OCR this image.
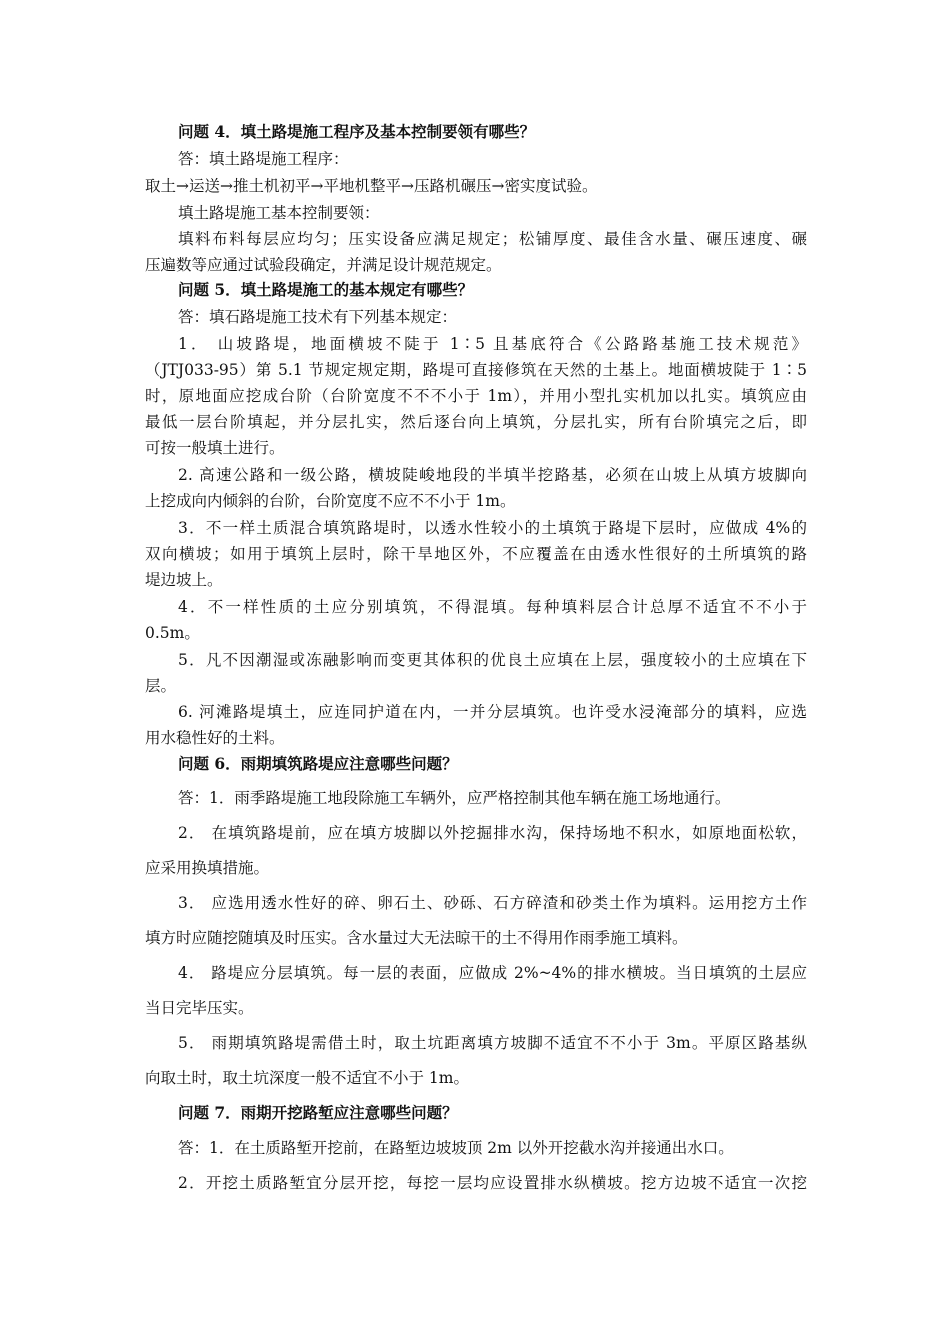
问题 4．填土路堤施工程序及基本控制要领有哪些？
答：填土路堤施工程序：
取土→运送→推土机初平→平地机整平→压路机碾压→密实度试验。
填土路堤施工基本控制要领：
填料布料每层应均匀；压实设备应满足规定；松铺厚度、最佳含水量、碾压速度、碾
压遍数等应通过试验段确定，并满足设计规范规定。
问题 5．填土路堤施工的基本规定有哪些？
答：填石路堤施工技术有下列基本规定：
1． 山坡路堤，地面横坡不陡于 1∶5 且基底符合《公路路基施工技术规范》
（JTJ033-95）第 5.1 节规定规定期，路堤可直接修筑在天然的土基上。地面横坡陡于 1∶5
时，原地面应挖成台阶（台阶宽度不不不小于 1m），并用小型扎实机加以扎实。填筑应由
最低一层台阶填起，并分层扎实，然后逐台向上填筑，分层扎实，所有台阶填完之后，即
可按一般填土进行。
2. 高速公路和一级公路，横坡陡峻地段的半填半挖路基，必须在山坡上从填方坡脚向
上挖成向内倾斜的台阶，台阶宽度不应不不小于 1m。
3．不一样土质混合填筑路堤时，以透水性较小的土填筑于路堤下层时，应做成 4%的
双向横坡；如用于填筑上层时，除干旱地区外，不应覆盖在由透水性很好的土所填筑的路
堤边坡上。
4．不一样性质的土应分别填筑，不得混填。每种填料层合计总厚不适宜不不小于
0.5m。
5．凡不因潮湿或冻融影响而变更其体积的优良土应填在上层，强度较小的土应填在下
层。
6. 河滩路堤填土，应连同护道在内，一并分层填筑。也许受水浸淹部分的填料，应选
用水稳性好的土料。
问题 6．雨期填筑路堤应注意哪些问题？
答：1．雨季路堤施工地段除施工车辆外，应严格控制其他车辆在施工场地通行。
2． 在填筑路堤前，应在填方坡脚以外挖掘排水沟，保持场地不积水，如原地面松软，
应采用换填措施。
3． 应选用透水性好的碎、卵石土、砂砾、石方碎渣和砂类土作为填料。运用挖方土作
填方时应随挖随填及时压实。含水量过大无法晾干的土不得用作雨季施工填料。
4． 路堤应分层填筑。每一层的表面，应做成 2%~4%的排水横坡。当日填筑的土层应
当日完毕压实。
5． 雨期填筑路堤需借土时，取土坑距离填方坡脚不适宜不不小于 3m。平原区路基纵
向取土时，取土坑深度一般不适宜不小于 1m。
问题 7．雨期开挖路堑应注意哪些问题？
答：1．在土质路堑开挖前，在路堑边坡坡顶 2m 以外开挖截水沟并接通出水口。
2．开挖土质路堑宜分层开挖，每挖一层均应设置排水纵横坡。挖方边坡不适宜一次挖
